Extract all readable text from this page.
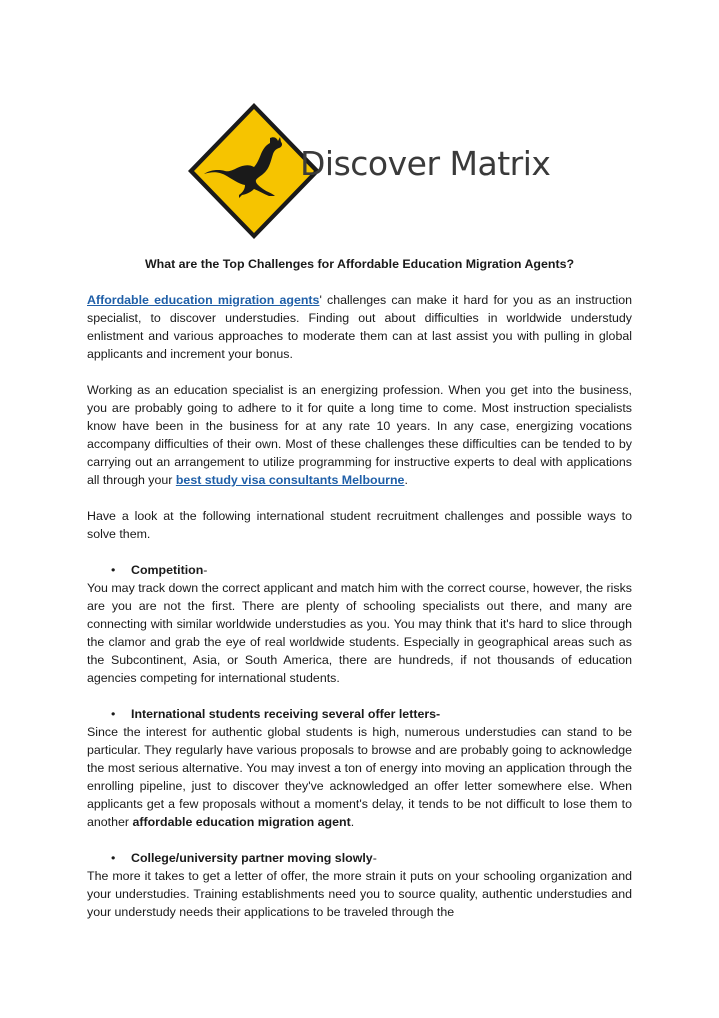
Discover Matrix

What are the Top Challenges for Affordable Education Migration Agents?

Affordable education migration agents' challenges can make it hard for you as an instruction specialist, to discover understudies. Finding out about difficulties in worldwide understudy enlistment and various approaches to moderate them can at last assist you with pulling in global applicants and increment your bonus.

Working as an education specialist is an energizing profession. When you get into the business, you are probably going to adhere to it for quite a long time to come. Most instruction specialists know have been in the business for at any rate 10 years. In any case, energizing vocations accompany difficulties of their own. Most of these challenges these difficulties can be tended to by carrying out an arrangement to utilize programming for instructive experts to deal with applications all through your best study visa consultants Melbourne.

Have a look at the following international student recruitment challenges and possible ways to solve them.

• Competition-

You may track down the correct applicant and match him with the correct course, however, the risks are you are not the first. There are plenty of schooling specialists out there, and many are connecting with similar worldwide understudies as you. You may think that it's hard to slice through the clamor and grab the eye of real worldwide students. Especially in geographical areas such as the Subcontinent, Asia, or South America, there are hundreds, if not thousands of education agencies competing for international students.

• International students receiving several offer letters-

Since the interest for authentic global students is high, numerous understudies can stand to be particular. They regularly have various proposals to browse and are probably going to acknowledge the most serious alternative. You may invest a ton of energy into moving an application through the enrolling pipeline, just to discover they've acknowledged an offer letter somewhere else. When applicants get a few proposals without a moment's delay, it tends to be not difficult to lose them to another affordable education migration agent.

• College/university partner moving slowly-

The more it takes to get a letter of offer, the more strain it puts on your schooling organization and your understudies. Training establishments need you to source quality, authentic understudies and your understudy needs their applications to be traveled through the
